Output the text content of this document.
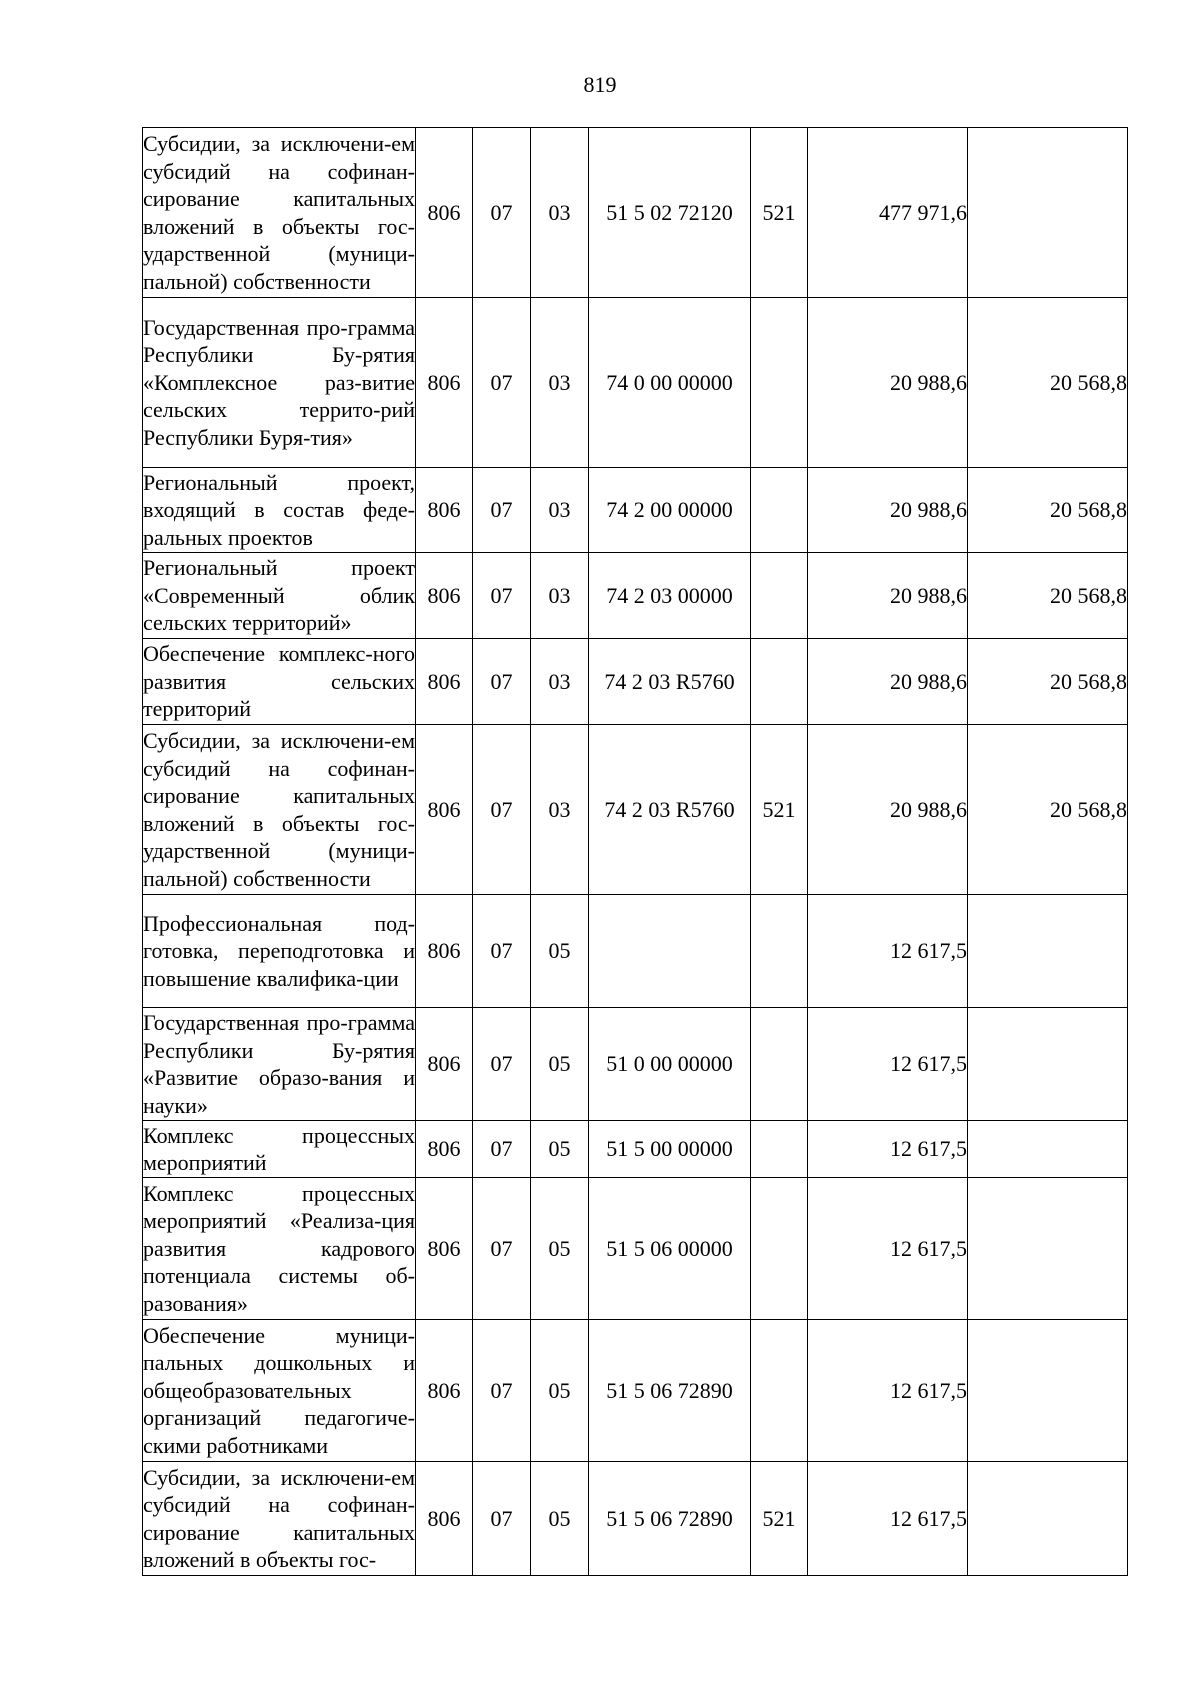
819
Субсидии, за исключени-ем субсидий на софинан-сирование капитальных вложений в объекты гос-ударственной (муници-пальной) собственности	806	07	03	51 5 02 72120	521	477 971,6	
Государственная про-грамма Республики Бу-рятия «Комплексное раз-витие сельских террито-рий Республики Буря-тия»	806	07	03	74 0 00 00000		20 988,6	20 568,8
Региональный проект, входящий в состав феде-ральных проектов	806	07	03	74 2 00 00000		20 988,6	20 568,8
Региональный проект «Современный облик сельских территорий»	806	07	03	74 2 03 00000		20 988,6	20 568,8
Обеспечение комплекс-ного развития сельских территорий	806	07	03	74 2 03 R5760		20 988,6	20 568,8
Субсидии, за исключени-ем субсидий на софинан-сирование капитальных вложений в объекты гос-ударственной (муници-пальной) собственности	806	07	03	74 2 03 R5760	521	20 988,6	20 568,8
Профессиональная под-готовка, переподготовка и повышение квалифика-ции	806	07	05			12 617,5	
Государственная про-грамма Республики Бу-рятия «Развитие образо-вания и науки»	806	07	05	51 0 00 00000		12 617,5	
Комплекс процессных мероприятий	806	07	05	51 5 00 00000		12 617,5	
Комплекс процессных мероприятий «Реализа-ция развития кадрового потенциала системы об-разования»	806	07	05	51 5 06 00000		12 617,5	
Обеспечение муници-пальных дошкольных и общеобразовательных организаций педагогиче-скими работниками	806	07	05	51 5 06 72890		12 617,5	
Субсидии, за исключени-ем субсидий на софинан-сирование капитальных вложений в объекты гос-	806	07	05	51 5 06 72890	521	12 617,5	
